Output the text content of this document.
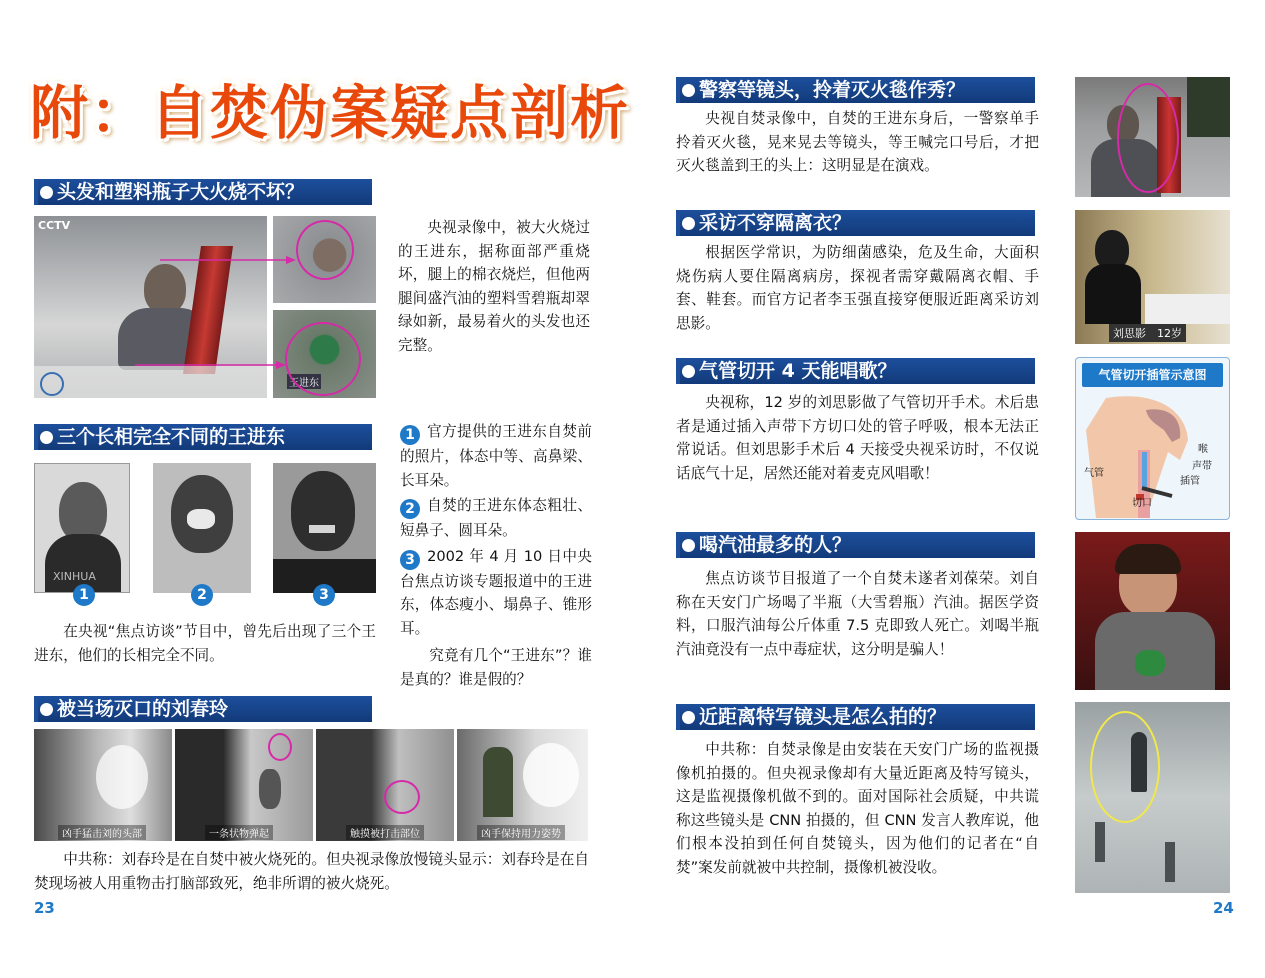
附：自焚伪案疑点剖析
头发和塑料瓶子大火烧不坏？
CCTV
王进东

央视录像中，被大火烧过的王进东，据称面部严重烧坏，腿上的棉衣烧烂，但他两腿间盛汽油的塑料雪碧瓶却翠绿如新，最易着火的头发也还完整。

三个长相完全不同的王进东
XINHUA
1	2	3

在央视“焦点访谈”节目中，曾先后出现了三个王进东，他们的长相完全不同。

1 官方提供的王进东自焚前的照片，体态中等、高鼻梁、长耳朵。
2 自焚的王进东体态粗壮、短鼻子、圆耳朵。
3 2002 年 4 月 10 日中央台焦点访谈专题报道中的王进东，体态瘦小、塌鼻子、锥形耳。

究竟有几个“王进东”？谁是真的？谁是假的？

被当场灭口的刘春玲
凶手猛击刘的头部	一条状物弹起	触摸被打击部位	凶手保持用力姿势

中共称：刘春玲是在自焚中被火烧死的。但央视录像放慢镜头显示：刘春玲是在自焚现场被人用重物击打脑部致死，绝非所谓的被火烧死。

23
警察等镜头，拎着灭火毯作秀？

央视自焚录像中，自焚的王进东身后，一警察单手拎着灭火毯，晃来晃去等镜头，等王喊完口号后，才把灭火毯盖到王的头上：这明显是在演戏。

采访不穿隔离衣？

根据医学常识，为防细菌感染，危及生命，大面积烧伤病人要住隔离病房，探视者需穿戴隔离衣帽、手套、鞋套。而官方记者李玉强直接穿便服近距离采访刘思影。

刘思影　12岁
气管切开 4 天能唱歌？

央视称，12 岁的刘思影做了气管切开手术。术后患者是通过插入声带下方切口处的管子呼吸，根本无法正常说话。但刘思影手术后 4 天接受央视采访时，不仅说话底气十足，居然还能对着麦克风唱歌！

气管切开插管示意图
喉
声带
插管
气管
切口
喝汽油最多的人？

焦点访谈节目报道了一个自焚未遂者刘葆荣。刘自称在天安门广场喝了半瓶（大雪碧瓶）汽油。据医学资料，口服汽油每公斤体重 7.5 克即致人死亡。刘喝半瓶汽油竟没有一点中毒症状，这分明是骗人！

近距离特写镜头是怎么拍的？

中共称：自焚录像是由安装在天安门广场的监视摄像机拍摄的。但央视录像却有大量近距离及特写镜头，这是监视摄像机做不到的。面对国际社会质疑，中共谎称这些镜头是 CNN 拍摄的，但 CNN 发言人教库说，他们根本没拍到任何自焚镜头，因为他们的记者在“自焚”案发前就被中共控制，摄像机被没收。

24
